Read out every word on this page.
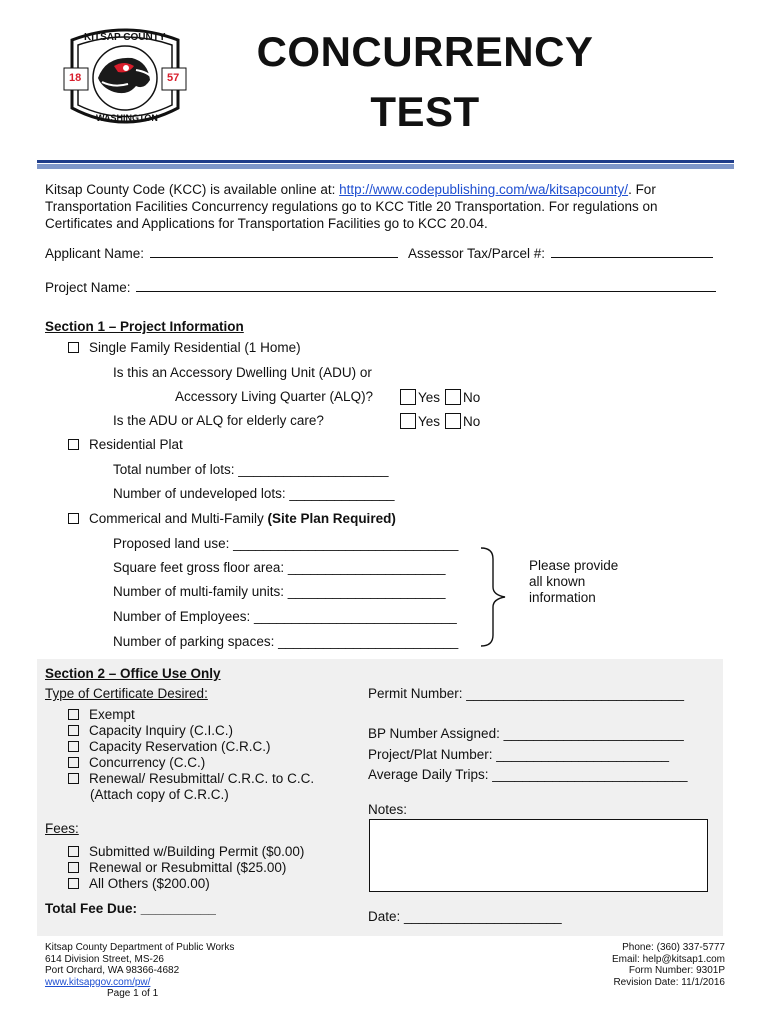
KITSAP COUNTY
WASHINGTON
18	57
CONCURRENCY
TEST
Kitsap County Code (KCC) is available online at: http://www.codepublishing.com/wa/kitsapcounty/. For Transportation Facilities Concurrency regulations go to KCC Title 20 Transportation. For regulations on Certificates and Applications for Transportation Facilities go to KCC 20.04.
Applicant Name:	Assessor Tax/Parcel #:
Project Name:
Section 1 – Project Information
Single Family Residential (1 Home)
Is this an Accessory Dwelling Unit (ADU) or
Accessory Living Quarter (ALQ)?	Yes No
Is the ADU or ALQ for elderly care?	Yes No
Residential Plat
Total number of lots: ____________________
Number of undeveloped lots: ______________
Commerical and Multi-Family (Site Plan Required)
Proposed land use: ______________________________
Square feet gross floor area: _____________________
Number of multi-family units: _____________________
Number of Employees: ___________________________
Number of parking spaces: ________________________
Please provide
all known
information
Section 2 – Office Use Only
Type of Certificate Desired:
Exempt
Capacity Inquiry (C.I.C.)
Capacity Reservation (C.R.C.)
Concurrency (C.C.)
Renewal/ Resubmittal/ C.R.C. to C.C.
(Attach copy of C.R.C.)
Fees:
Submitted w/Building Permit ($0.00)
Renewal or Resubmittal ($25.00)
All Others ($200.00)
Total Fee Due: __________
Permit Number: _____________________________
BP Number Assigned: ________________________
Project/Plat Number: _______________________
Average Daily Trips: __________________________
Notes:
Date: _____________________
Kitsap County Department of Public Works
614 Division Street, MS-26
Port Orchard, WA 98366-4682
www.kitsapgov.com/pw/
Page 1 of 1
Phone: (360) 337-5777
Email: help@kitsap1.com
Form Number: 9301P
Revision Date: 11/1/2016
